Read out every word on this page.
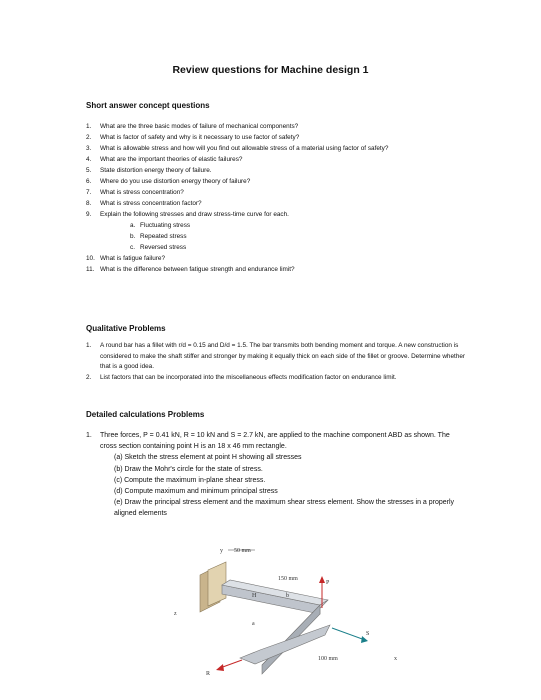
Review questions for Machine design 1
Short answer concept questions
1. What are the three basic modes of failure of mechanical components?
2. What is factor of safety and why is it necessary to use factor of safety?
3. What is allowable stress and how will you find out allowable stress of a material using factor of safety?
4. What are the important theories of elastic failures?
5. State distortion energy theory of failure.
6. Where do you use distortion energy theory of failure?
7. What is stress concentration?
8. What is stress concentration factor?
9. Explain the following stresses and draw stress-time curve for each.
a. Fluctuating stress
b. Repeated stress
c. Reversed stress
10. What is fatigue failure?
11. What is the difference between fatigue strength and endurance limit?
Qualitative Problems
1. A round bar has a fillet with r/d = 0.15 and D/d = 1.5. The bar transmits both bending moment and torque. A new construction is considered to make the shaft stiffer and stronger by making it equally thick on each side of the fillet or groove. Determine whether that is a good idea.
2. List factors that can be incorporated into the miscellaneous effects modification factor on endurance limit.
Detailed calculations Problems
1. Three forces, P = 0.41 kN, R = 10 kN and S = 2.7 kN, are applied to the machine component ABD as shown. The cross section containing point H is an 18 x 46 mm rectangle.
(a) Sketch the stress element at point H showing all stresses
(b) Draw the Mohr's circle for the state of stress.
(c) Compute the maximum in-plane shear stress.
(d) Compute maximum and minimum principal stress
(e) Draw the principal stress element and the maximum shear stress element. Show the stresses in a properly aligned elements
50 mm
150 mm
100 mm
y
z
x
H	b
a
P
S
R
